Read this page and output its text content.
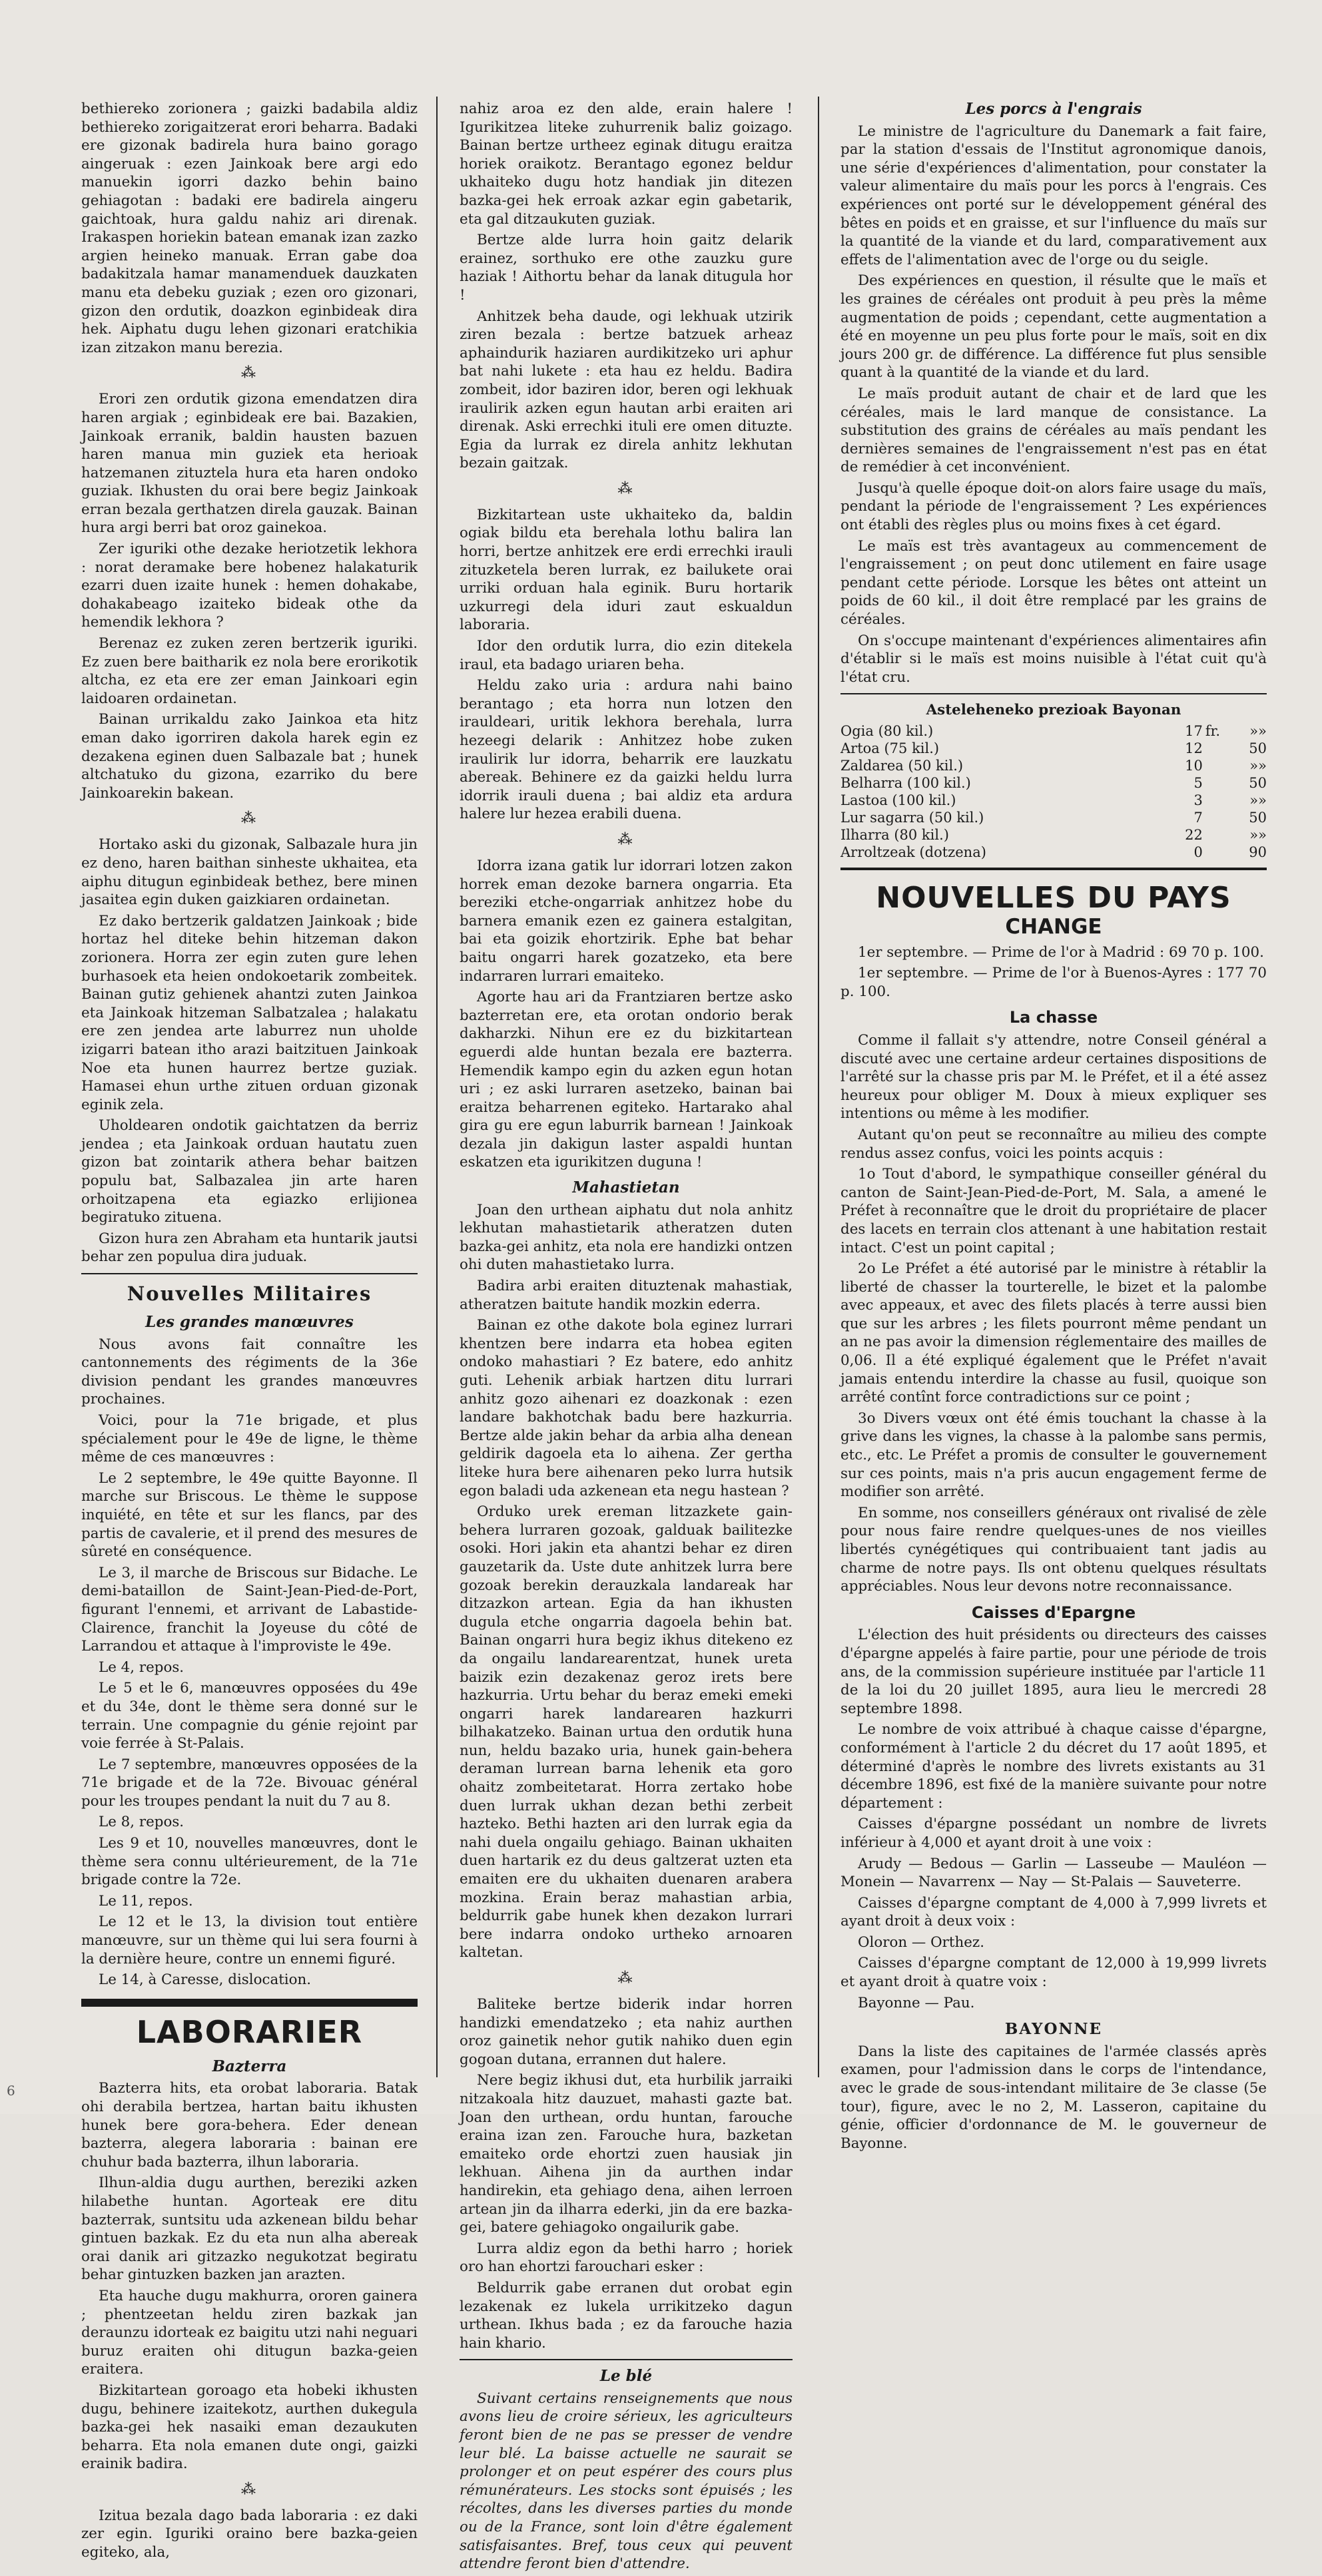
bethiereko zorionera ; gaizki badabila aldiz bethiereko zorigaitzerat erori beharra. Badaki ere gizonak badirela hura baino gorago aingeruak : ezen Jainkoak bere argi edo manuekin igorri dazko behin baino gehiagotan : badaki ere badirela aingeru gaichtoak, hura galdu nahiz ari direnak. Irakaspen horiekin batean emanak izan zazko argien heineko manuak. Erran gabe doa badakitzala hamar manamenduek dauzkaten manu eta debeku guziak ; ezen oro gizonari, gizon den ordutik, doazkon eginbideak dira hek. Aiphatu dugu lehen gizonari eratchikia izan zitzakon manu berezia.

⁂

Erori zen ordutik gizona emendatzen dira haren argiak ; eginbideak ere bai. Bazakien, Jainkoak erranik, baldin hausten bazuen haren manua min guziek eta herioak hatzemanen zituztela hura eta haren ondoko guziak. Ikhusten du orai bere begiz Jainkoak erran bezala gerthatzen direla gauzak. Bainan hura argi berri bat oroz gainekoa.

Zer iguriki othe dezake heriotzetik lekhora : norat deramake bere hobenez halakaturik ezarri duen izaite hunek : hemen dohakabe, dohakabeago izaiteko bideak othe da hemendik lekhora ?

Berenaz ez zuken zeren bertzerik iguriki. Ez zuen bere baitharik ez nola bere erorikotik altcha, ez eta ere zer eman Jainkoari egin laidoaren ordainetan.

Bainan urrikaldu zako Jainkoa eta hitz eman dako igorriren dakola harek egin ez dezakena eginen duen Salbazale bat ; hunek altchatuko du gizona, ezarriko du bere Jainkoarekin bakean.

⁂

Hortako aski du gizonak, Salbazale hura jin ez deno, haren baithan sinheste ukhaitea, eta aiphu ditugun eginbideak bethez, bere minen jasaitea egin duken gaizkiaren ordainetan.

Ez dako bertzerik galdatzen Jainkoak ; bide hortaz hel diteke behin hitzeman dakon zorionera. Horra zer egin zuten gure lehen burhasoek eta heien ondokoetarik zombeitek. Bainan gutiz gehienek ahantzi zuten Jainkoa eta Jainkoak hitzeman Salbatzalea ; halakatu ere zen jendea arte laburrez nun uholde izigarri batean itho arazi baitzituen Jainkoak Noe eta hunen haurrez bertze guziak. Hamasei ehun urthe zituen orduan gizonak eginik zela.

Uholdearen ondotik gaichtatzen da berriz jendea ; eta Jainkoak orduan hautatu zuen gizon bat zointarik athera behar baitzen populu bat, Salbazalea jin arte haren orhoitzapena eta egiazko erlijionea begiratuko zituena.

Gizon hura zen Abraham eta huntarik jautsi behar zen populua dira juduak.

Nouvelles Militaires
Les grandes manœuvres

Nous avons fait connaître les cantonnements des régiments de la 36e division pendant les grandes manœuvres prochaines.

Voici, pour la 71e brigade, et plus spécialement pour le 49e de ligne, le thème même de ces manœuvres :

Le 2 septembre, le 49e quitte Bayonne. Il marche sur Briscous. Le thème le suppose inquiété, en tête et sur les flancs, par des partis de cavalerie, et il prend des mesures de sûreté en conséquence.

Le 3, il marche de Briscous sur Bidache. Le demi-bataillon de Saint-Jean-Pied-de-Port, figurant l'ennemi, et arrivant de Labastide-Clairence, franchit la Joyeuse du côté de Larrandou et attaque à l'improviste le 49e.

Le 4, repos.

Le 5 et le 6, manœuvres opposées du 49e et du 34e, dont le thème sera donné sur le terrain. Une compagnie du génie rejoint par voie ferrée à St-Palais.

Le 7 septembre, manœuvres opposées de la 71e brigade et de la 72e. Bivouac général pour les troupes pendant la nuit du 7 au 8.

Le 8, repos.

Les 9 et 10, nouvelles manœuvres, dont le thème sera connu ultérieurement, de la 71e brigade contre la 72e.

Le 11, repos.

Le 12 et le 13, la division tout entière manœuvre, sur un thème qui lui sera fourni à la dernière heure, contre un ennemi figuré.

Le 14, à Caresse, dislocation.

LABORARIER
Bazterra

Bazterra hits, eta orobat laboraria. Batak ohi derabila bertzea, hartan baitu ikhusten hunek bere gora-behera. Eder denean bazterra, alegera laboraria : bainan ere chuhur bada bazterra, ilhun laboraria.

Ilhun-aldia dugu aurthen, bereziki azken hilabethe huntan. Agorteak ere ditu bazterrak, suntsitu uda azkenean bildu behar gintuen bazkak. Ez du eta nun alha abereak orai danik ari gitzazko negukotzat begiratu behar gintuzken bazken jan arazten.

Eta hauche dugu makhurra, ororen gainera ; phentzeetan heldu ziren bazkak jan deraunzu idorteak ez baigitu utzi nahi neguari buruz eraiten ohi ditugun bazka-geien eraitera.

Bizkitartean goroago eta hobeki ikhusten dugu, behinere izaitekotz, aurthen dukegula bazka-gei hek nasaiki eman dezaukuten beharra. Eta nola emanen dute ongi, gaizki erainik badira.

⁂

Izitua bezala dago bada laboraria : ez daki zer egin. Iguriki oraino bere bazka-geien egiteko, ala,

nahiz aroa ez den alde, erain halere ! Igurikitzea liteke zuhurrenik baliz goizago. Bainan bertze urtheez eginak ditugu eraitza horiek oraikotz. Berantago egonez beldur ukhaiteko dugu hotz handiak jin ditezen bazka-gei hek erroak azkar egin gabetarik, eta gal ditzaukuten guziak.

Bertze alde lurra hoin gaitz delarik erainez, sorthuko ere othe zauzku gure haziak ! Aithortu behar da lanak ditugula hor !

Anhitzek beha daude, ogi lekhuak utzirik ziren bezala : bertze batzuek arheaz aphaindurik haziaren aurdikitzeko uri aphur bat nahi lukete : eta hau ez heldu. Badira zombeit, idor baziren idor, beren ogi lekhuak iraulirik azken egun hautan arbi eraiten ari direnak. Aski errechki ituli ere omen dituzte. Egia da lurrak ez direla anhitz lekhutan bezain gaitzak.

⁂

Bizkitartean uste ukhaiteko da, baldin ogiak bildu eta berehala lothu balira lan horri, bertze anhitzek ere erdi errechki irauli zituzketela beren lurrak, ez bailukete orai urriki orduan hala eginik. Buru hortarik uzkurregi dela iduri zaut eskualdun laboraria.

Idor den ordutik lurra, dio ezin ditekela iraul, eta badago uriaren beha.

Heldu zako uria : ardura nahi baino berantago ; eta horra nun lotzen den irauldeari, uritik lekhora berehala, lurra hezeegi delarik : Anhitzez hobe zuken iraulirik lur idorra, beharrik ere lauzkatu abereak. Behinere ez da gaizki heldu lurra idorrik irauli duena ; bai aldiz eta ardura halere lur hezea erabili duena.

⁂

Idorra izana gatik lur idorrari lotzen zakon horrek eman dezoke barnera ongarria. Eta bereziki etche-ongarriak anhitzez hobe du barnera emanik ezen ez gainera estalgitan, bai eta goizik ehortzirik. Ephe bat behar baitu ongarri harek gozatzeko, eta bere indarraren lurrari emaiteko.

Agorte hau ari da Frantziaren bertze asko bazterretan ere, eta orotan ondorio berak dakharzki. Nihun ere ez du bizkitartean eguerdi alde huntan bezala ere bazterra. Hemendik kampo egin du azken egun hotan uri ; ez aski lurraren asetzeko, bainan bai eraitza beharrenen egiteko. Hartarako ahal gira gu ere egun laburrik barnean ! Jainkoak dezala jin dakigun laster aspaldi huntan eskatzen eta igurikitzen duguna !

Mahastietan

Joan den urthean aiphatu dut nola anhitz lekhutan mahastietarik atheratzen duten bazka-gei anhitz, eta nola ere handizki ontzen ohi duten mahastietako lurra.

Badira arbi eraiten dituztenak mahastiak, atheratzen baitute handik mozkin ederra.

Bainan ez othe dakote bola eginez lurrari khentzen bere indarra eta hobea egiten ondoko mahastiari ? Ez batere, edo anhitz guti. Lehenik arbiak hartzen ditu lurrari anhitz gozo aihenari ez doazkonak : ezen landare bakhotchak badu bere hazkurria. Bertze alde jakin behar da arbia alha denean geldirik dagoela eta lo aihena. Zer gertha liteke hura bere aihenaren peko lurra hutsik egon baladi uda azkenean eta negu hastean ?

Orduko urek ereman litzazkete gain-behera lurraren gozoak, galduak bailitezke osoki. Hori jakin eta ahantzi behar ez diren gauzetarik da. Uste dute anhitzek lurra bere gozoak berekin derauzkala landareak har ditzazkon artean. Egia da han ikhusten dugula etche ongarria dagoela behin bat. Bainan ongarri hura begiz ikhus ditekeno ez da ongailu landarearentzat, hunek ureta baizik ezin dezakenaz geroz irets bere hazkurria. Urtu behar du beraz emeki emeki ongarri harek landarearen hazkurri bilhakatzeko. Bainan urtua den ordutik huna nun, heldu bazako uria, hunek gain-behera deraman lurrean barna lehenik eta goro ohaitz zombeitetarat. Horra zertako hobe duen lurrak ukhan dezan bethi zerbeit hazteko. Bethi hazten ari den lurrak egia da nahi duela ongailu gehiago. Bainan ukhaiten duen hartarik ez du deus galtzerat uzten eta emaiten ere du ukhaiten duenaren arabera mozkina. Erain beraz mahastian arbia, beldurrik gabe hunek khen dezakon lurrari bere indarra ondoko urtheko arnoaren kaltetan.

⁂

Baliteke bertze biderik indar horren handizki emendatzeko ; eta nahiz aurthen oroz gainetik nehor gutik nahiko duen egin gogoan dutana, errannen dut halere.

Nere begiz ikhusi dut, eta hurbilik jarraiki nitzakoala hitz dauzuet, mahasti gazte bat. Joan den urthean, ordu huntan, farouche eraina izan zen. Farouche hura, bazketan emaiteko orde ehortzi zuen hausiak jin lekhuan. Aihena jin da aurthen indar handirekin, eta gehiago dena, aihen lerroen artean jin da ilharra ederki, jin da ere bazka-gei, batere gehiagoko ongailurik gabe.

Lurra aldiz egon da bethi harro ; horiek oro han ehortzi farouchari esker :

Beldurrik gabe erranen dut orobat egin lezakenak ez lukela urrikitzeko dagun urthean. Ikhus bada ; ez da farouche hazia hain khario.

Le blé

Suivant certains renseignements que nous avons lieu de croire sérieux, les agriculteurs feront bien de ne pas se presser de vendre leur blé. La baisse actuelle ne saurait se prolonger et on peut espérer des cours plus rémunérateurs. Les stocks sont épuisés ; les récoltes, dans les diverses parties du monde ou de la France, sont loin d'être également satisfaisantes. Bref, tous ceux qui peuvent attendre feront bien d'attendre.

Les porcs à l'engrais

Le ministre de l'agriculture du Danemark a fait faire, par la station d'essais de l'Institut agronomique danois, une série d'expériences d'alimentation, pour constater la valeur alimentaire du maïs pour les porcs à l'engrais. Ces expériences ont porté sur le développement général des bêtes en poids et en graisse, et sur l'influence du maïs sur la quantité de la viande et du lard, comparativement aux effets de l'alimentation avec de l'orge ou du seigle.

Des expériences en question, il résulte que le maïs et les graines de céréales ont produit à peu près la même augmentation de poids ; cependant, cette augmentation a été en moyenne un peu plus forte pour le maïs, soit en dix jours 200 gr. de différence. La différence fut plus sensible quant à la quantité de la viande et du lard.

Le maïs produit autant de chair et de lard que les céréales, mais le lard manque de consistance. La substitution des grains de céréales au maïs pendant les dernières semaines de l'engraissement n'est pas en état de remédier à cet inconvénient.

Jusqu'à quelle époque doit-on alors faire usage du maïs, pendant la période de l'engraissement ? Les expériences ont établi des règles plus ou moins fixes à cet égard.

Le maïs est très avantageux au commencement de l'engraissement ; on peut donc utilement en faire usage pendant cette période. Lorsque les bêtes ont atteint un poids de 60 kil., il doit être remplacé par les grains de céréales.

On s'occupe maintenant d'expériences alimentaires afin d'établir si le maïs est moins nuisible à l'état cuit qu'à l'état cru.

Asteleheneko prezioak Bayonan
Ogia (80 kil.)	17	fr.	»»
Artoa (75 kil.)	12		50
Zaldarea (50 kil.)	10		»»
Belharra (100 kil.)	5		50
Lastoa (100 kil.)	3		»»
Lur sagarra (50 kil.)	7		50
Ilharra (80 kil.)	22		»»
Arroltzeak (dotzena)	0		90
NOUVELLES DU PAYS
CHANGE

1er septembre. — Prime de l'or à Madrid : 69 70 p. 100.

1er septembre. — Prime de l'or à Buenos-Ayres : 177 70 p. 100.

La chasse

Comme il fallait s'y attendre, notre Conseil général a discuté avec une certaine ardeur certaines dispositions de l'arrêté sur la chasse pris par M. le Préfet, et il a été assez heureux pour obliger M. Doux à mieux expliquer ses intentions ou même à les modifier.

Autant qu'on peut se reconnaître au milieu des compte rendus assez confus, voici les points acquis :

1o Tout d'abord, le sympathique conseiller général du canton de Saint-Jean-Pied-de-Port, M. Sala, a amené le Préfet à reconnaître que le droit du propriétaire de placer des lacets en terrain clos attenant à une habitation restait intact. C'est un point capital ;

2o Le Préfet a été autorisé par le ministre à rétablir la liberté de chasser la tourterelle, le bizet et la palombe avec appeaux, et avec des filets placés à terre aussi bien que sur les arbres ; les filets pourront même pendant un an ne pas avoir la dimension réglementaire des mailles de 0,06. Il a été expliqué également que le Préfet n'avait jamais entendu interdire la chasse au fusil, quoique son arrêté contînt force contradictions sur ce point ;

3o Divers vœux ont été émis touchant la chasse à la grive dans les vignes, la chasse à la palombe sans permis, etc., etc. Le Préfet a promis de consulter le gouvernement sur ces points, mais n'a pris aucun engagement ferme de modifier son arrêté.

En somme, nos conseillers généraux ont rivalisé de zèle pour nous faire rendre quelques-unes de nos vieilles libertés cynégétiques qui contribuaient tant jadis au charme de notre pays. Ils ont obtenu quelques résultats appréciables. Nous leur devons notre reconnaissance.

Caisses d'Epargne

L'élection des huit présidents ou directeurs des caisses d'épargne appelés à faire partie, pour une période de trois ans, de la commission supérieure instituée par l'article 11 de la loi du 20 juillet 1895, aura lieu le mercredi 28 septembre 1898.

Le nombre de voix attribué à chaque caisse d'épargne, conformément à l'article 2 du décret du 17 août 1895, et déterminé d'après le nombre des livrets existants au 31 décembre 1896, est fixé de la manière suivante pour notre département :

Caisses d'épargne possédant un nombre de livrets inférieur à 4,000 et ayant droit à une voix :

Arudy — Bedous — Garlin — Lasseube — Mauléon — Monein — Navarrenx — Nay — St-Palais — Sauveterre.

Caisses d'épargne comptant de 4,000 à 7,999 livrets et ayant droit à deux voix :

Oloron — Orthez.

Caisses d'épargne comptant de 12,000 à 19,999 livrets et ayant droit à quatre voix :

Bayonne — Pau.

BAYONNE

Dans la liste des capitaines de l'armée classés après examen, pour l'admission dans le corps de l'intendance, avec le grade de sous-intendant militaire de 3e classe (5e tour), figure, avec le no 2, M. Lasseron, capitaine du génie, officier d'ordonnance de M. le gouverneur de Bayonne.

6
